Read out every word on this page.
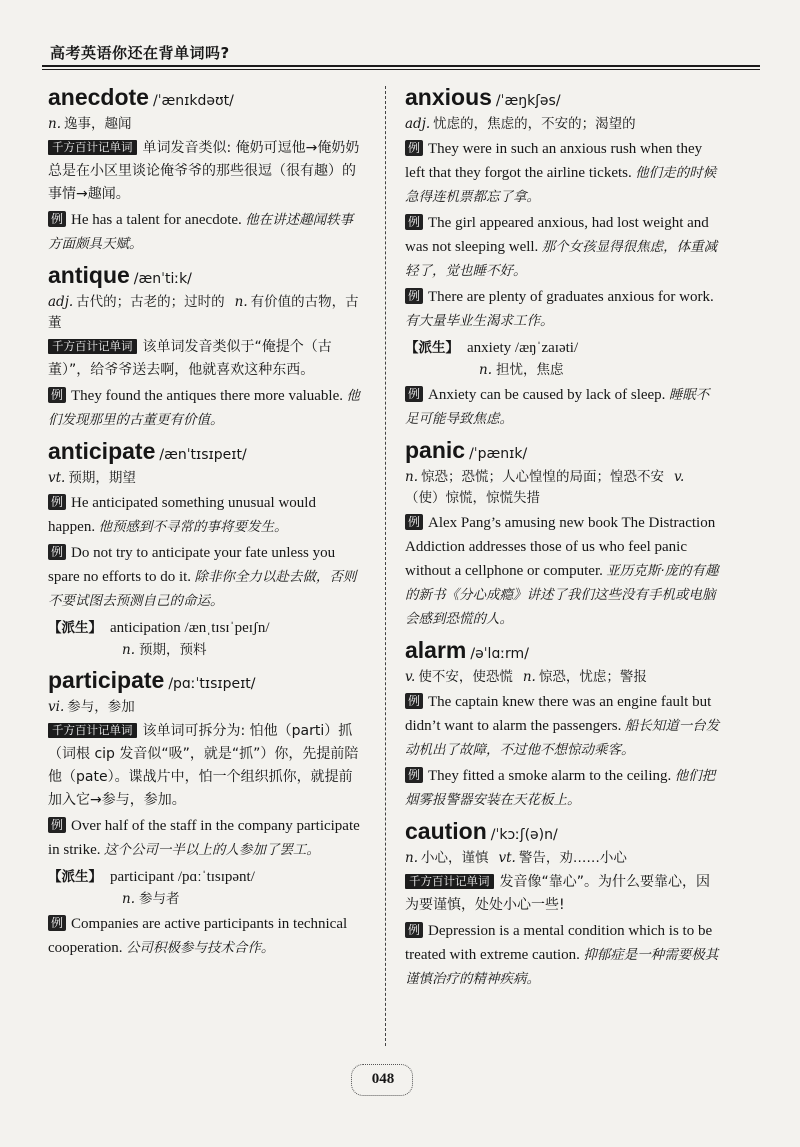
高考英语你还在背单词吗?
anecdote /ˈænɪkdəʊt/
n. 逸事，趣闻
千方百计记单词 单词发音类似: 俺奶可逗他→俺奶奶总是在小区里谈论俺爷爷的那些很逗（很有趣）的事情→趣闻。
例 He has a talent for anecdote. 他在讲述趣闻轶事方面颇具天赋。
antique /ænˈtiːk/
adj. 古代的；古老的；过时的 n. 有价值的古物，古董
千方百计记单词 该单词发音类似于“俺提个（古董）”，给爷爷送去啊，他就喜欢这种东西。
例 They found the antiques there more valuable. 他们发现那里的古董更有价值。
anticipate /ænˈtɪsɪpeɪt/
vt. 预期，期望
例 He anticipated something unusual would happen. 他预感到不寻常的事将要发生。
例 Do not try to anticipate your fate unless you spare no efforts to do it. 除非你全力以赴去做，否则不要试图去预测自己的命运。
【派生】 anticipation /ænˌtɪsɪˈpeɪʃn/
n. 预期，预料
participate /pɑːˈtɪsɪpeɪt/
vi. 参与，参加
千方百计记单词 该单词可拆分为: 怕他（parti）抓（词根 cip 发音似“吸”，就是“抓”）你，先提前陪他（pate）。谍战片中，怕一个组织抓你，就提前加入它→参与，参加。
例 Over half of the staff in the company participate in strike. 这个公司一半以上的人参加了罢工。
【派生】 participant /pɑːˈtɪsɪpənt/
n. 参与者
例 Companies are active participants in technical cooperation. 公司积极参与技术合作。
anxious /ˈæŋkʃəs/
adj. 忧虑的，焦虑的，不安的；渴望的
例 They were in such an anxious rush when they left that they forgot the airline tickets. 他们走的时候急得连机票都忘了拿。
例 The girl appeared anxious, had lost weight and was not sleeping well. 那个女孩显得很焦虑，体重减轻了，觉也睡不好。
例 There are plenty of graduates anxious for work. 有大量毕业生渴求工作。
【派生】 anxiety /æŋˈzaɪəti/
n. 担忧，焦虑
例 Anxiety can be caused by lack of sleep. 睡眠不足可能导致焦虑。
panic /ˈpænɪk/
n. 惊恐；恐慌；人心惶惶的局面；惶恐不安 v.（使）惊慌，惊慌失措
例 Alex Pang’s amusing new book The Distraction Addiction addresses those of us who feel panic without a cellphone or computer. 亚历克斯·庞的有趣的新书《分心成瘾》讲述了我们这些没有手机或电脑会感到恐慌的人。
alarm /əˈlɑːrm/
v. 使不安，使恐慌 n. 惊恐，忧虑；警报
例 The captain knew there was an engine fault but didn’t want to alarm the passengers. 船长知道一台发动机出了故障，不过他不想惊动乘客。
例 They fitted a smoke alarm to the ceiling. 他们把烟雾报警器安装在天花板上。
caution /ˈkɔːʃ(ə)n/
n. 小心，谨慎 vt. 警告，劝……小心
千方百计记单词 发音像“靠心”。为什么要靠心，因为要谨慎，处处小心一些!
例 Depression is a mental condition which is to be treated with extreme caution. 抑郁症是一种需要极其谨慎治疗的精神疾病。
048
